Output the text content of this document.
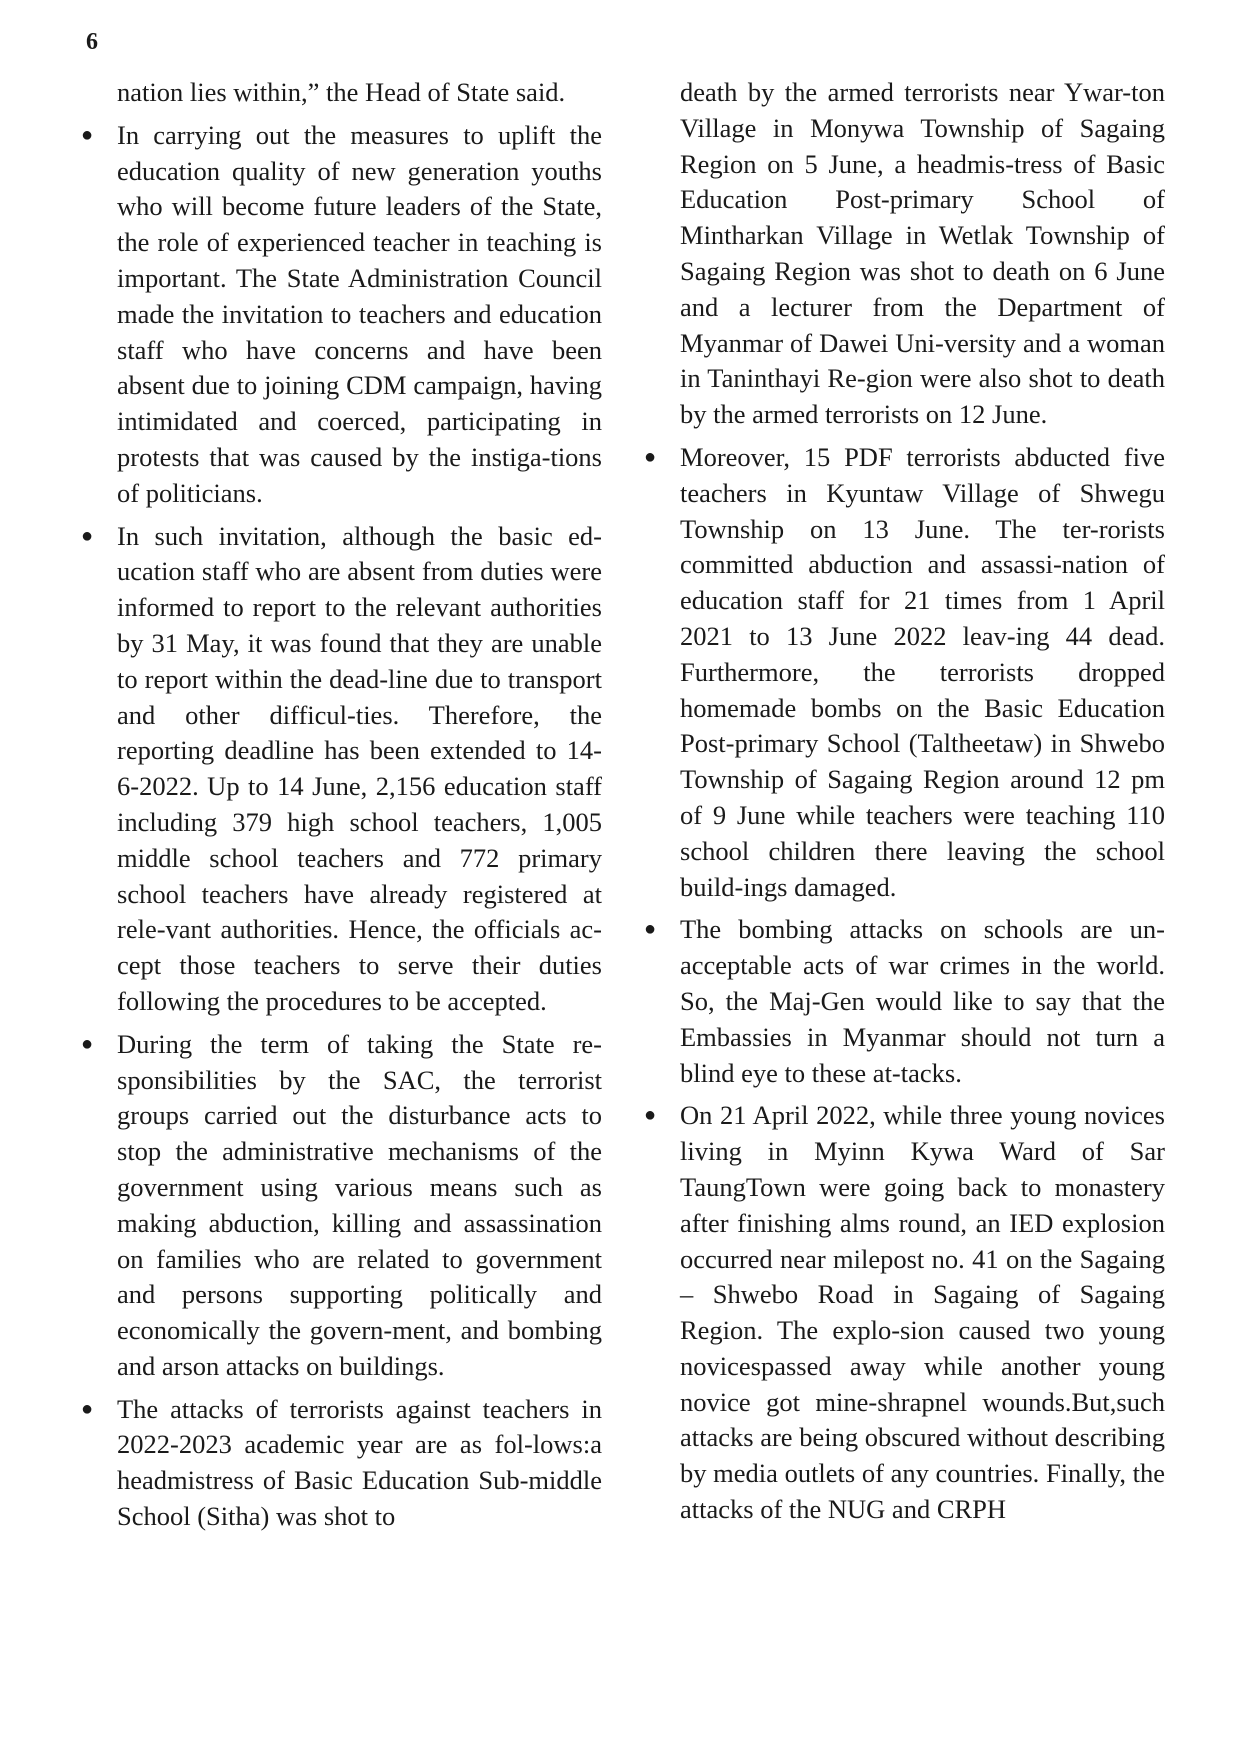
6

nation lies within,” the Head of State said.

● In carrying out the measures to uplift the education quality of new generation youths who will become future leaders of the State, the role of experienced teacher in teaching is important. The State Administration Council made the invitation to teachers and education staff who have concerns and have been absent due to joining CDM campaign, having intimidated and coerced, participating in protests that was caused by the instiga-tions of politicians.

● In such invitation, although the basic ed-ucation staff who are absent from duties were informed to report to the relevant authorities by 31 May, it was found that they are unable to report within the dead-line due to transport and other difficul-ties. Therefore, the reporting deadline has been extended to 14-6-2022. Up to 14 June, 2,156 education staff including 379 high school teachers, 1,005 middle school teachers and 772 primary school teachers have already registered at rele-vant authorities. Hence, the officials ac-cept those teachers to serve their duties following the procedures to be accepted.

● During the term of taking the State re-sponsibilities by the SAC, the terrorist groups carried out the disturbance acts to stop the administrative mechanisms of the government using various means such as making abduction, killing and assassination on families who are related to government and persons supporting politically and economically the govern-ment, and bombing and arson attacks on buildings.

● The attacks of terrorists against teachers in 2022-2023 academic year are as fol-lows:a headmistress of Basic Education Sub-middle School (Sitha) was shot to

death by the armed terrorists near Ywar-ton Village in Monywa Township of Sagaing Region on 5 June, a headmis-tress of Basic Education Post-primary School of Mintharkan Village in Wetlak Township of Sagaing Region was shot to death on 6 June and a lecturer from the Department of Myanmar of Dawei Uni-versity and a woman in Taninthayi Re-gion were also shot to death by the armed terrorists on 12 June.

● Moreover, 15 PDF terrorists abducted five teachers in Kyuntaw Village of Shwegu Township on 13 June. The ter-rorists committed abduction and assassi-nation of education staff for 21 times from 1 April 2021 to 13 June 2022 leav-ing 44 dead. Furthermore, the terrorists dropped homemade bombs on the Basic Education Post-primary School (Taltheetaw) in Shwebo Township of Sagaing Region around 12 pm of 9 June while teachers were teaching 110 school children there leaving the school build-ings damaged.

● The bombing attacks on schools are un-acceptable acts of war crimes in the world. So, the Maj-Gen would like to say that the Embassies in Myanmar should not turn a blind eye to these at-tacks.

● On 21 April 2022, while three young novices living in Myinn Kywa Ward of Sar TaungTown were going back to monastery after finishing alms round, an IED explosion occurred near milepost no. 41 on the Sagaing – Shwebo Road in Sagaing of Sagaing Region. The explo-sion caused two young novicespassed away while another young novice got mine-shrapnel wounds.But,such attacks are being obscured without describing by media outlets of any countries. Finally, the attacks of the NUG and CRPH
